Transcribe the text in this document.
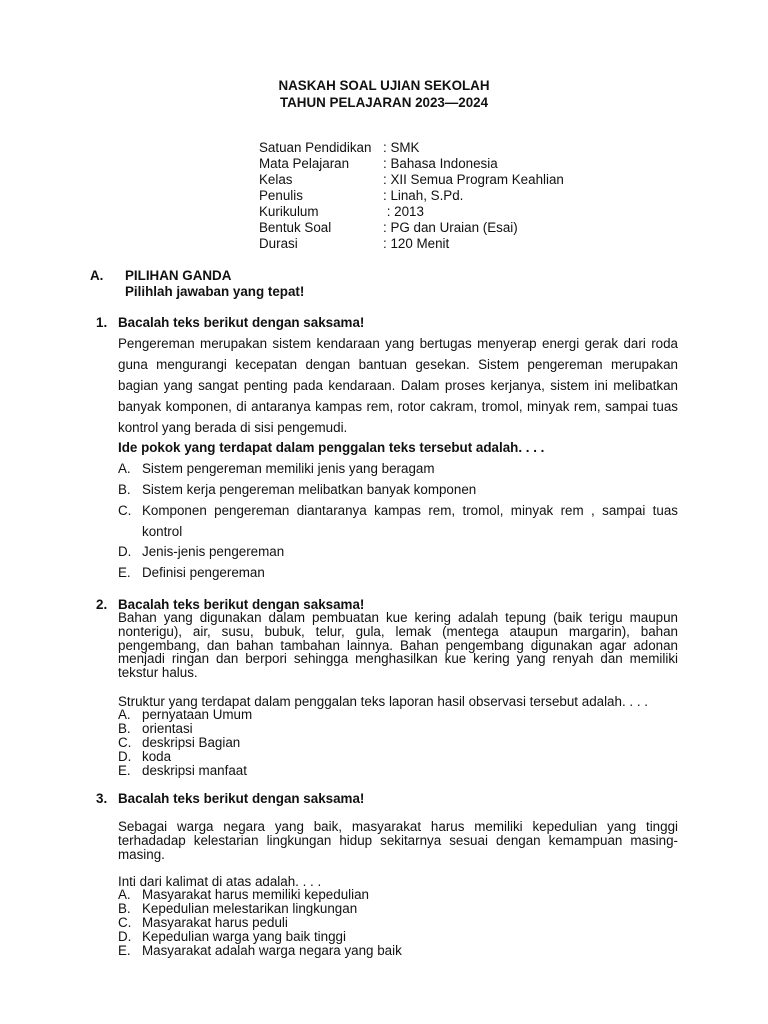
NASKAH SOAL UJIAN SEKOLAH
TAHUN PELAJARAN 2023—2024
Satuan Pendidikan : SMK
Mata Pelajaran	: Bahasa Indonesia
Kelas	: XII Semua Program Keahlian
Penulis	: Linah, S.Pd.
Kurikulum	: 2013
Bentuk Soal	: PG dan Uraian (Esai)
Durasi	: 120 Menit
A. PILIHAN GANDA
Pilihlah jawaban yang tepat!
1. Bacalah teks berikut dengan saksama!
Pengereman merupakan sistem kendaraan yang bertugas menyerap energi gerak dari roda guna mengurangi kecepatan dengan bantuan gesekan. Sistem pengereman merupakan bagian yang sangat penting pada kendaraan. Dalam proses kerjanya, sistem ini melibatkan banyak komponen, di antaranya kampas rem, rotor cakram, tromol, minyak rem, sampai tuas kontrol yang berada di sisi pengemudi.
Ide pokok yang terdapat dalam penggalan teks tersebut adalah. . . .
A. Sistem pengereman memiliki jenis yang beragam
B. Sistem kerja pengereman melibatkan banyak komponen
C. Komponen pengereman diantaranya kampas rem, tromol, minyak rem , sampai tuas kontrol
D. Jenis-jenis pengereman
E. Definisi pengereman
2. Bacalah teks berikut dengan saksama!
Bahan yang digunakan dalam pembuatan kue kering adalah tepung (baik terigu maupun nonterigu), air, susu, bubuk, telur, gula, lemak (mentega ataupun margarin), bahan pengembang, dan bahan tambahan lainnya. Bahan pengembang digunakan agar adonan menjadi ringan dan berpori sehingga menghasilkan kue kering yang renyah dan memiliki tekstur halus.
Struktur yang terdapat dalam penggalan teks laporan hasil observasi tersebut adalah. . . .
A. pernyataan Umum
B. orientasi
C. deskripsi Bagian
D. koda
E. deskripsi manfaat
3. Bacalah teks berikut dengan saksama!
Sebagai warga negara yang baik, masyarakat harus memiliki kepedulian yang tinggi terhadadap kelestarian lingkungan hidup sekitarnya sesuai dengan kemampuan masing-masing.
Inti dari kalimat di atas adalah. . . .
A. Masyarakat harus memiliki kepedulian
B. Kepedulian melestarikan lingkungan
C. Masyarakat harus peduli
D. Kepedulian warga yang baik tinggi
E. Masyarakat adalah warga negara yang baik
